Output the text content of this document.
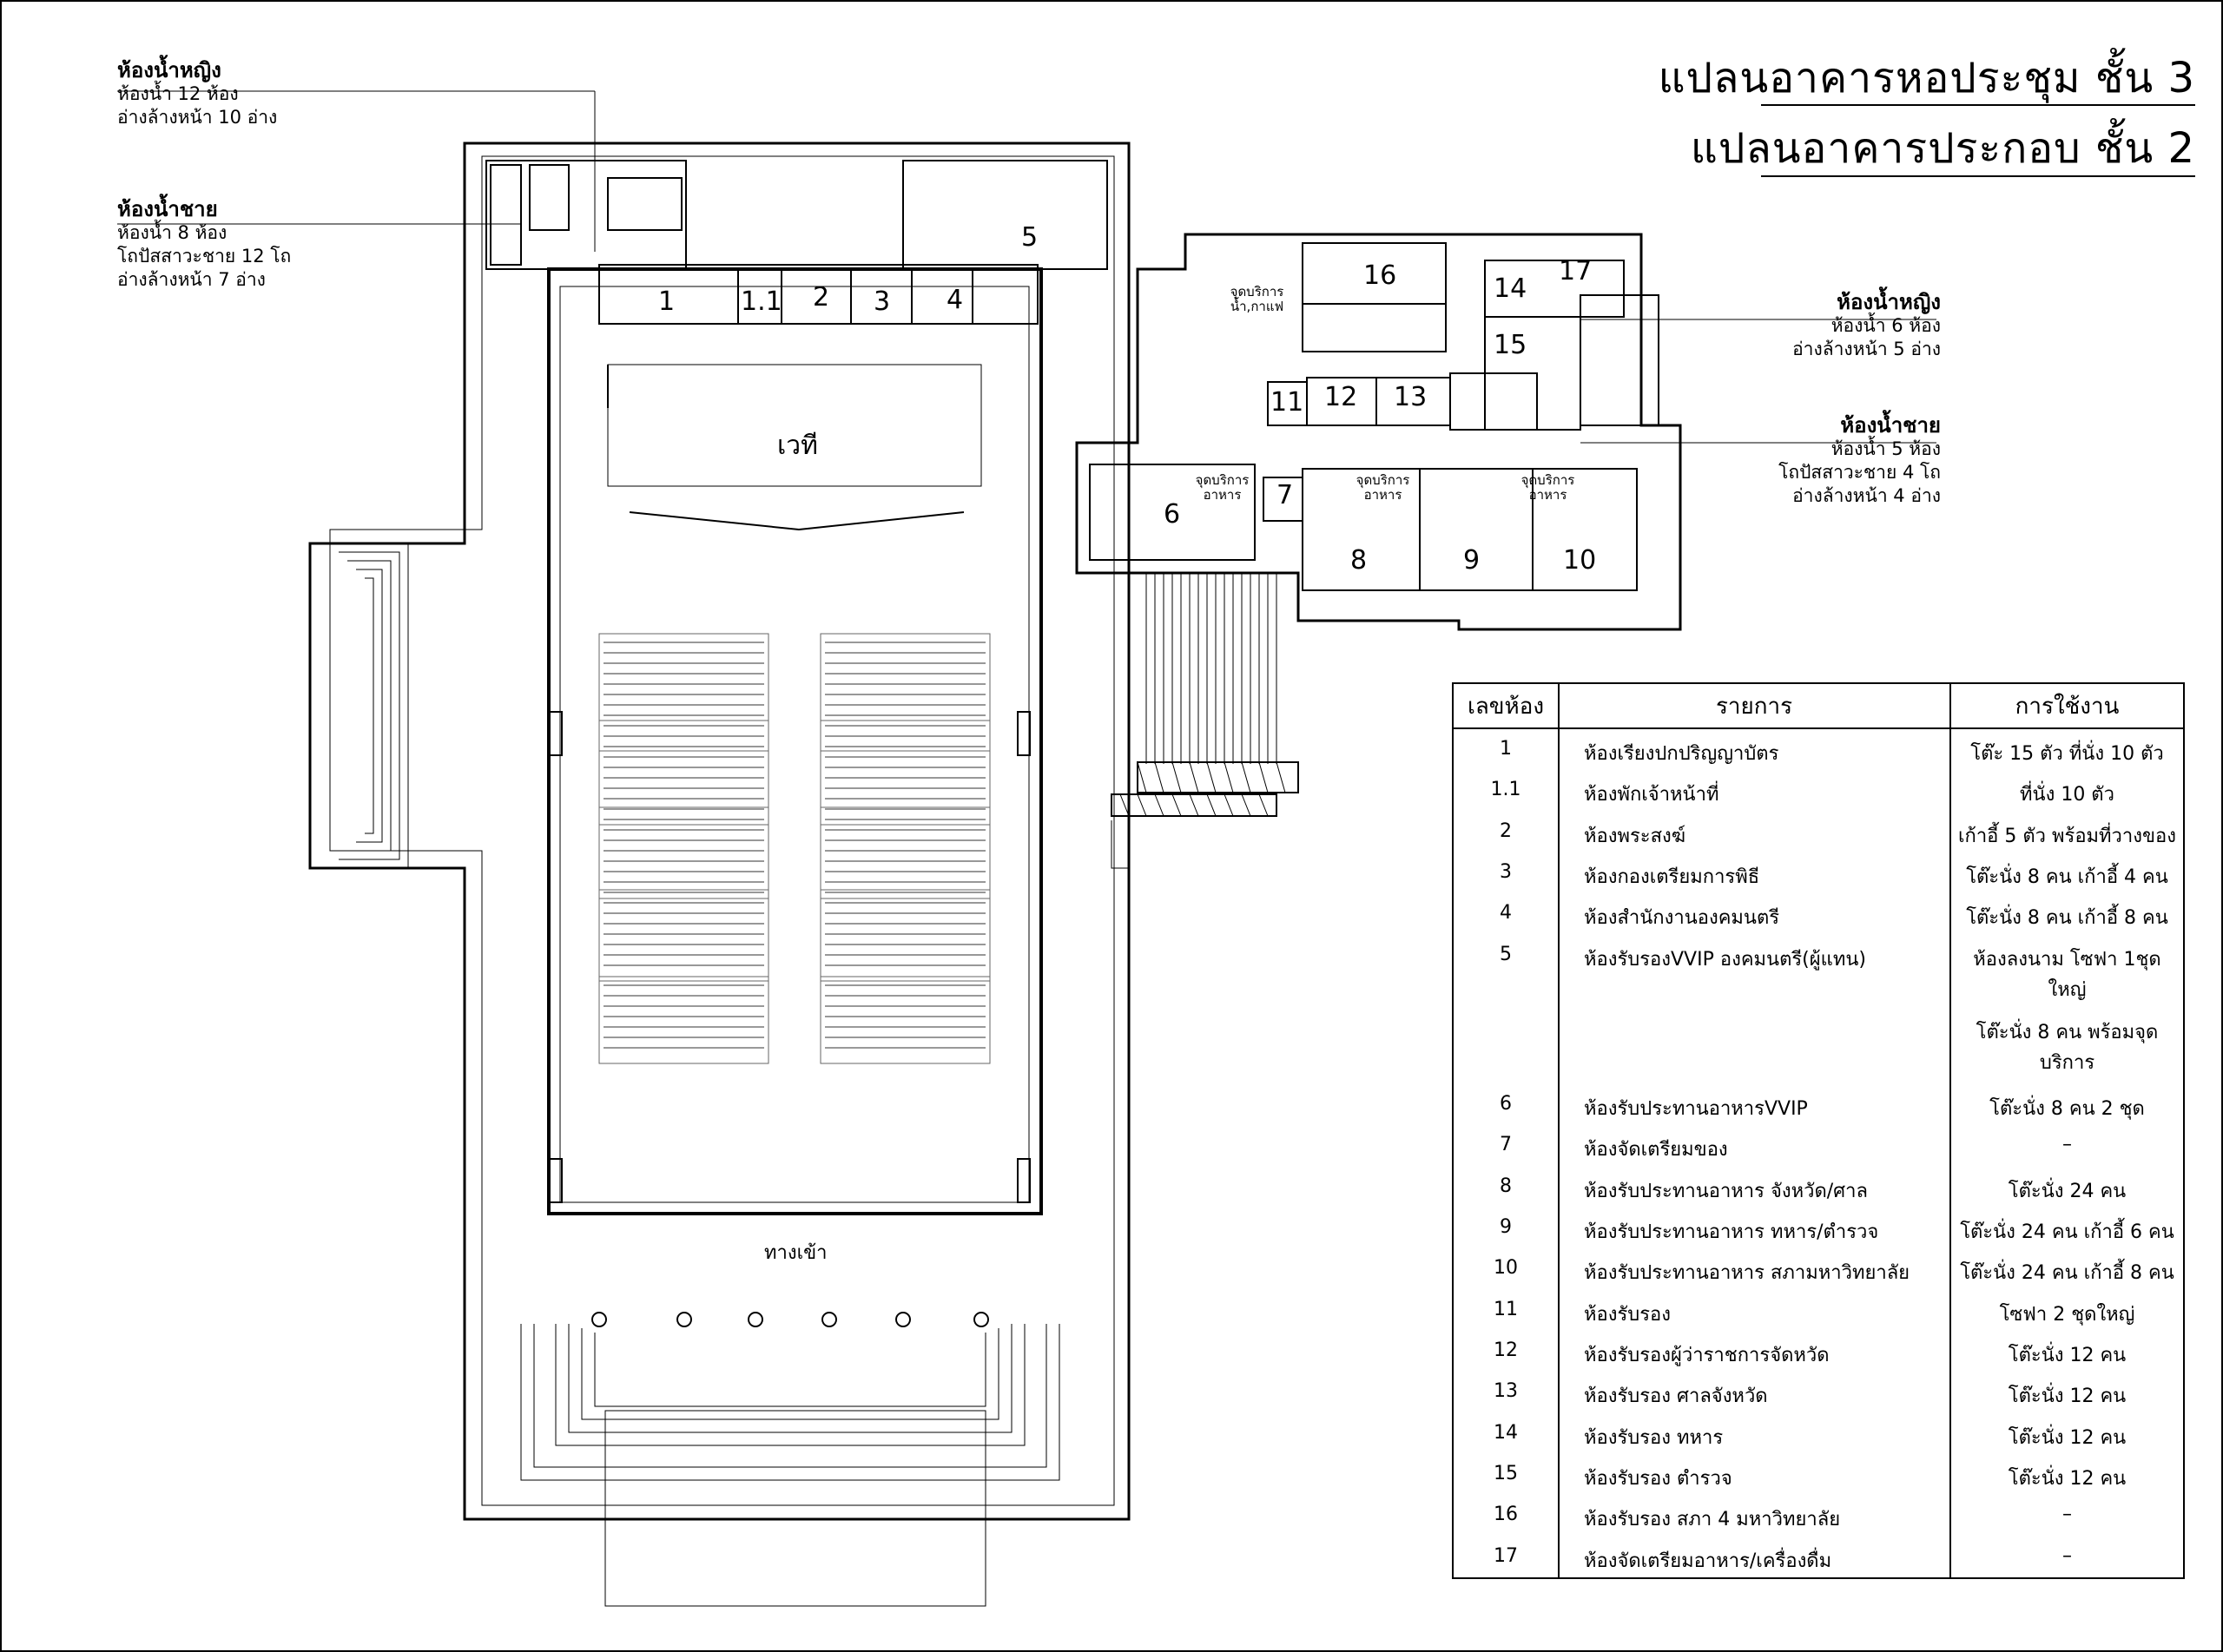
แปลนอาคารหอประชุม ชั้น 3
แปลนอาคารประกอบ ชั้น 2
ห้องน้ำหญิง
ห้องน้ำ 12 ห้อง
อ่างล้างหน้า 10 อ่าง
ห้องน้ำชาย
ห้องน้ำ 8 ห้อง
โถปัสสาวะชาย 12 โถ
อ่างล้างหน้า 7 อ่าง
ห้องน้ำหญิง
ห้องน้ำ 6 ห้อง
อ่างล้างหน้า 5 อ่าง
ห้องน้ำชาย
ห้องน้ำ 5 ห้อง
โถปัสสาวะชาย 4 โถ
อ่างล้างหน้า 4 อ่าง
เวที
ทางเข้า
จุดบริการ น้ำ,กาแฟ
จุดบริการ อาหาร
จุดบริการ อาหาร
จุดบริการ อาหาร
1	1.1 2 3 4
5
6
7
8	9	10
11 12 13
14
15
16	17
เลขห้อง	รายการ	การใช้งาน
1	ห้องเรียงปกปริญญาบัตร	โต๊ะ 15 ตัว ที่นั่ง 10 ตัว
1.1	ห้องพักเจ้าหน้าที่	ที่นั่ง 10 ตัว
2	ห้องพระสงฆ์	เก้าอี้ 5 ตัว พร้อมที่วางของ
3	ห้องกองเตรียมการพิธี	โต๊ะนั่ง 8 คน เก้าอี้ 4 คน
4	ห้องสำนักงานองคมนตรี	โต๊ะนั่ง 8 คน เก้าอี้ 8 คน
5	ห้องรับรองVVIP องคมนตรี(ผู้แทน)	ห้องลงนาม โซฟา 1ชุดใหญ่
โต๊ะนั่ง 8 คน พร้อมจุดบริการ

6	ห้องรับประทานอาหารVVIP	โต๊ะนั่ง 8 คน 2 ชุด
7	ห้องจัดเตรียมของ	–
8	ห้องรับประทานอาหาร จังหวัด/ศาล	โต๊ะนั่ง 24 คน
9	ห้องรับประทานอาหาร ทหาร/ตำรวจ	โต๊ะนั่ง 24 คน เก้าอี้ 6 คน
10	ห้องรับประทานอาหาร สภามหาวิทยาลัย	โต๊ะนั่ง 24 คน เก้าอี้ 8 คน
11	ห้องรับรอง	โซฟา 2 ชุดใหญ่
12	ห้องรับรองผู้ว่าราชการจัดหวัด	โต๊ะนั่ง 12 คน
13	ห้องรับรอง ศาลจังหวัด	โต๊ะนั่ง 12 คน
14	ห้องรับรอง ทหาร	โต๊ะนั่ง 12 คน
15	ห้องรับรอง ตำรวจ	โต๊ะนั่ง 12 คน
16	ห้องรับรอง สภา 4 มหาวิทยาลัย	–
17	ห้องจัดเตรียมอาหาร/เครื่องดื่ม	–
